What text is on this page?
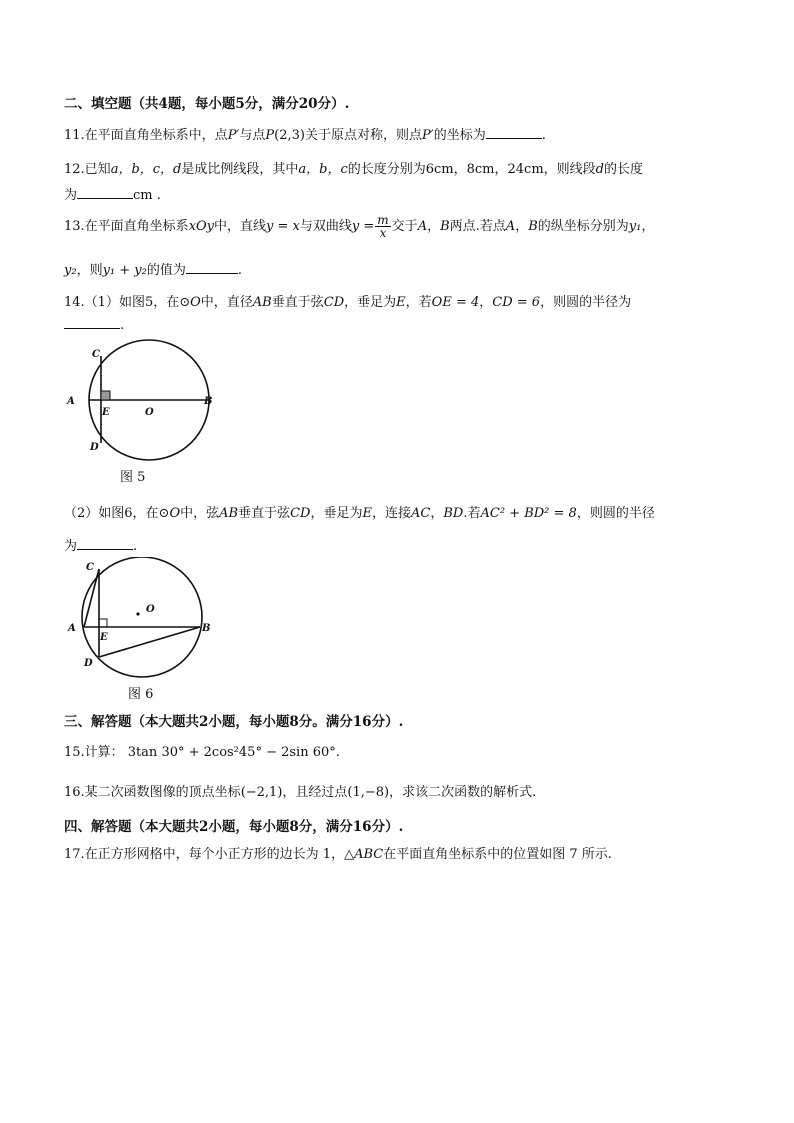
二、填空题（共4题，每小题5分，满分20分）.
11.在平面直角坐标系中，点P′与点P(2,3)关于原点对称，则点P′的坐标为	.
12.已知a，b，c，d是成比例线段，其中a，b，c的长度分别为6cm，8cm，24cm，则线段d的长度
为	cm .
13.在平面直角坐标系xOy中，直线y = x与双曲线$y = \frac{m}{x}$ 交于A，B两点.若点A，B的纵坐标分别为y₁，
y₂，则y₁ + y₂的值为	.
14.（1）如图5，在⊙O中，直径AB垂直于弦CD，垂足为E，若OE = 4，CD = 6，则圆的半径为
.
C
A
E	O
B
D
图 5
（2）如图6，在⊙O中，弦AB垂直于弦CD，垂足为E，连接AC，BD.若AC² + BD² = 8，则圆的半径
为	.
C
A
E
O
B
D
图 6
三、解答题（本大题共2小题，每小题8分。满分16分）.
15.计算： 3tan 30° + 2cos²45° − 2sin 60°.
16.某二次函数图像的顶点坐标(−2,1)，且经过点(1,−8)，求该二次函数的解析式.
四、解答题（本大题共2小题，每小题8分，满分16分）.
17.在正方形网格中，每个小正方形的边长为 1，△ABC在平面直角坐标系中的位置如图 7 所示.
